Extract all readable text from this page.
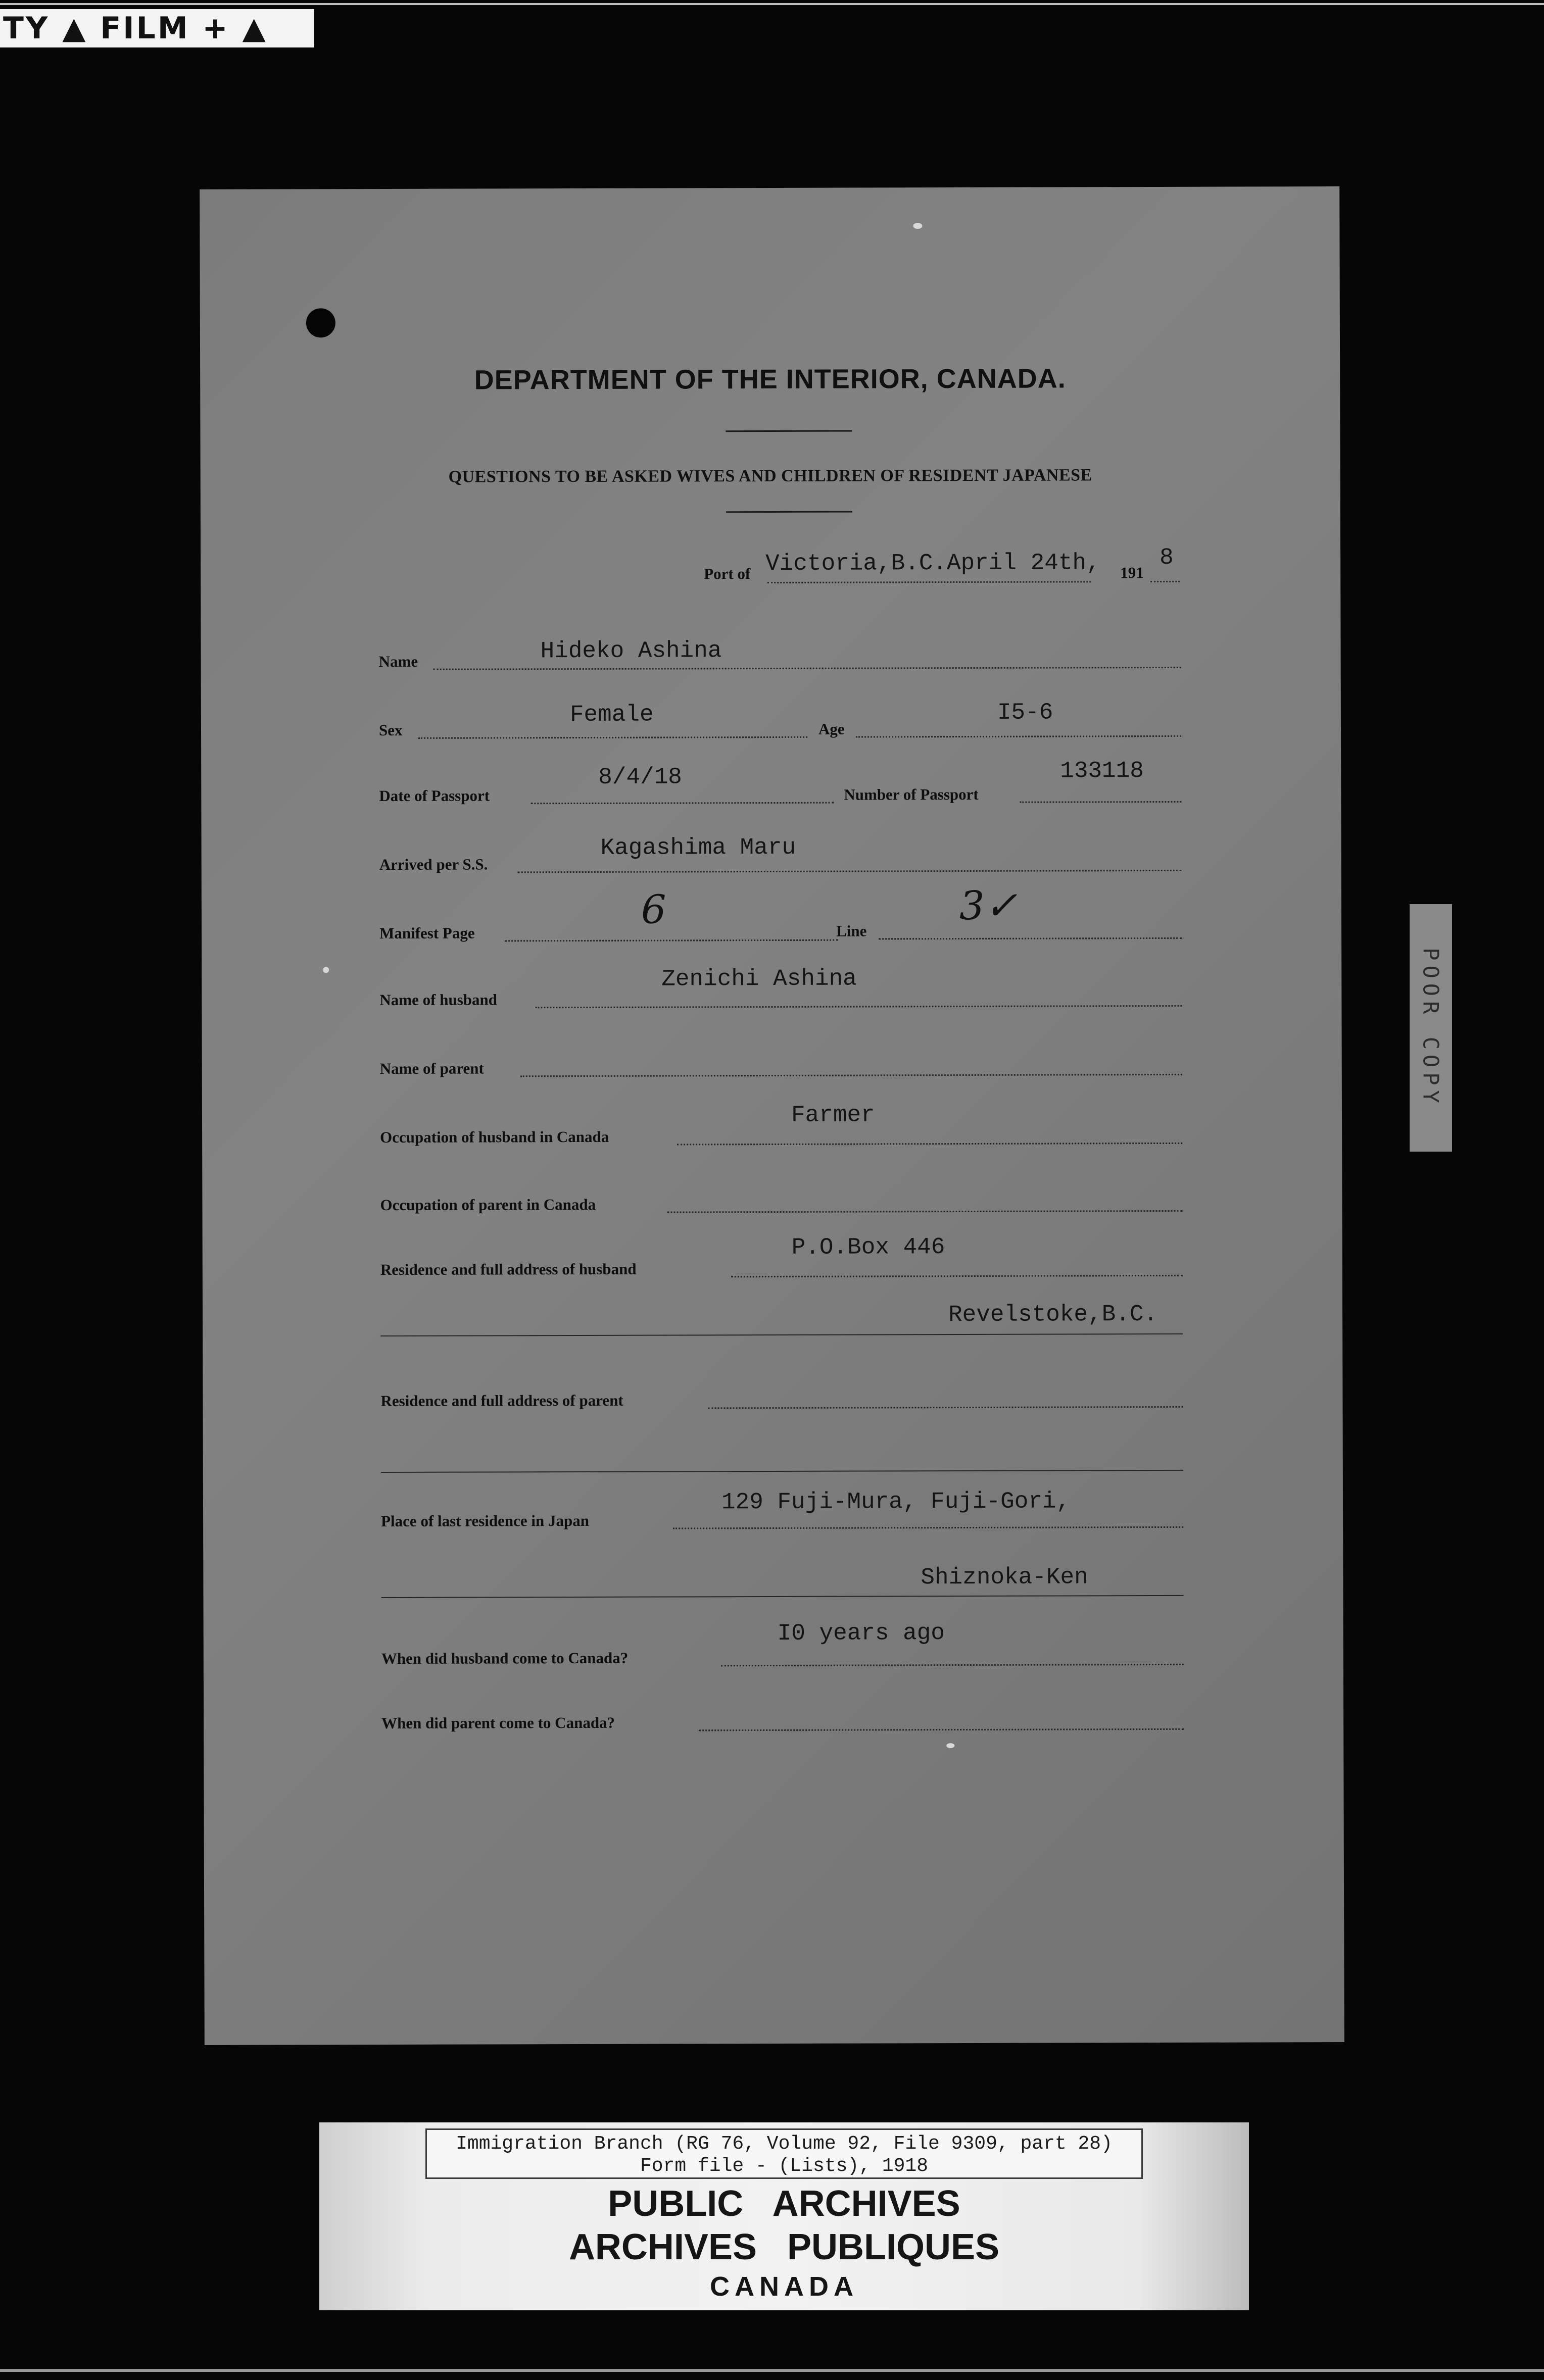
TY ▲ FILM + ▲
DEPARTMENT OF THE INTERIOR, CANADA.
QUESTIONS TO BE ASKED WIVES AND CHILDREN OF RESIDENT JAPANESE
Port of Victoria,B.C.April 24th, 191
8
Name	Hideko Ashina
Sex
Female
Age
I5-6
Date of Passport
8/4/18
Number of Passport
133118
Arrived per S.S.
Kagashima Maru
Manifest Page
6	Line
3✓
Name of husband
Zenichi Ashina
Name of parent
Occupation of husband in Canada
Farmer
Occupation of parent in Canada
Residence and full address of husband
P.O.Box 446
Revelstoke,B.C.
Residence and full address of parent
Place of last residence in Japan
129 Fuji-Mura, Fuji-Gori,
Shiznoka-Ken
When did husband come to Canada?
I0 years ago
When did parent come to Canada?
POOR COPY
Immigration Branch (RG 76, Volume 92, File 9309, part 28)
Form file - (Lists), 1918
PUBLIC   ARCHIVES
ARCHIVES   PUBLIQUES
CANADA
